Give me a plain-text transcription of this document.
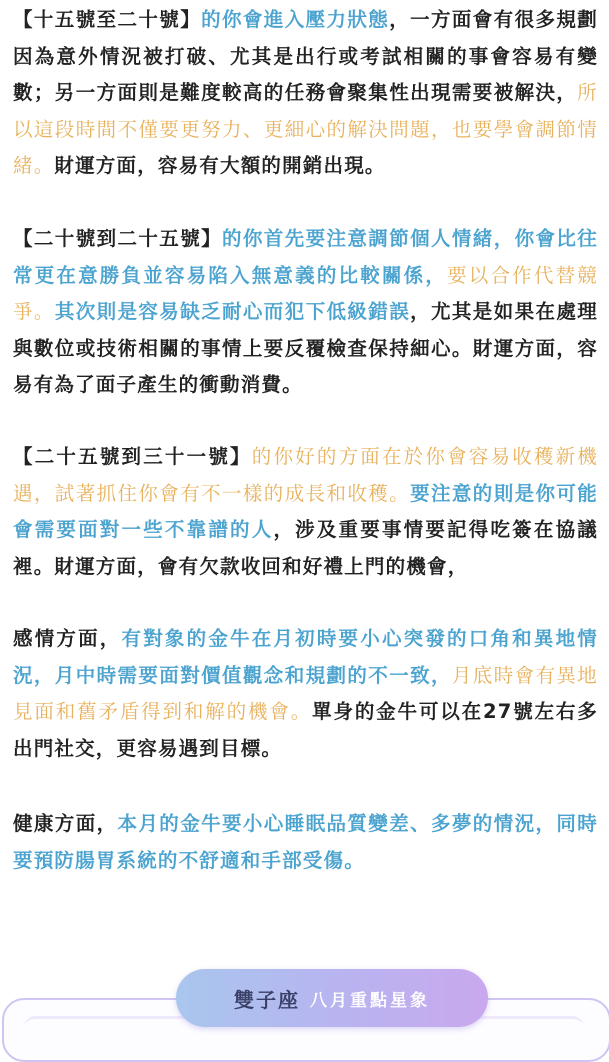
【十五號至二十號】的你會進入壓力狀態，一方面會有很多規劃因為意外情況被打破、尤其是出行或考試相關的事會容易有變數；另一方面則是難度較高的任務會聚集性出現需要被解決，所以這段時間不僅要更努力、更細心的解決問題，也要學會調節情緒。財運方面，容易有大額的開銷出現。

【二十號到二十五號】的你首先要注意調節個人情緒，你會比往常更在意勝負並容易陷入無意義的比較關係，要以合作代替競爭。其次則是容易缺乏耐心而犯下低級錯誤，尤其是如果在處理與數位或技術相關的事情上要反覆檢查保持細心。財運方面，容易有為了面子產生的衝動消費。

【二十五號到三十一號】的你好的方面在於你會容易收穫新機遇，試著抓住你會有不一樣的成長和收穫。要注意的則是你可能會需要面對一些不靠譜的人，涉及重要事情要記得吃簽在協議裡。財運方面，會有欠款收回和好禮上門的機會，

感情方面，有對象的金牛在月初時要小心突發的口角和異地情況，月中時需要面對價值觀念和規劃的不一致，月底時會有異地見面和舊矛盾得到和解的機會。單身的金牛可以在27號左右多出門社交，更容易遇到目標。

健康方面，本月的金牛要小心睡眠品質變差、多夢的情況，同時要預防腸胃系統的不舒適和手部受傷。

雙子座 八月重點星象
